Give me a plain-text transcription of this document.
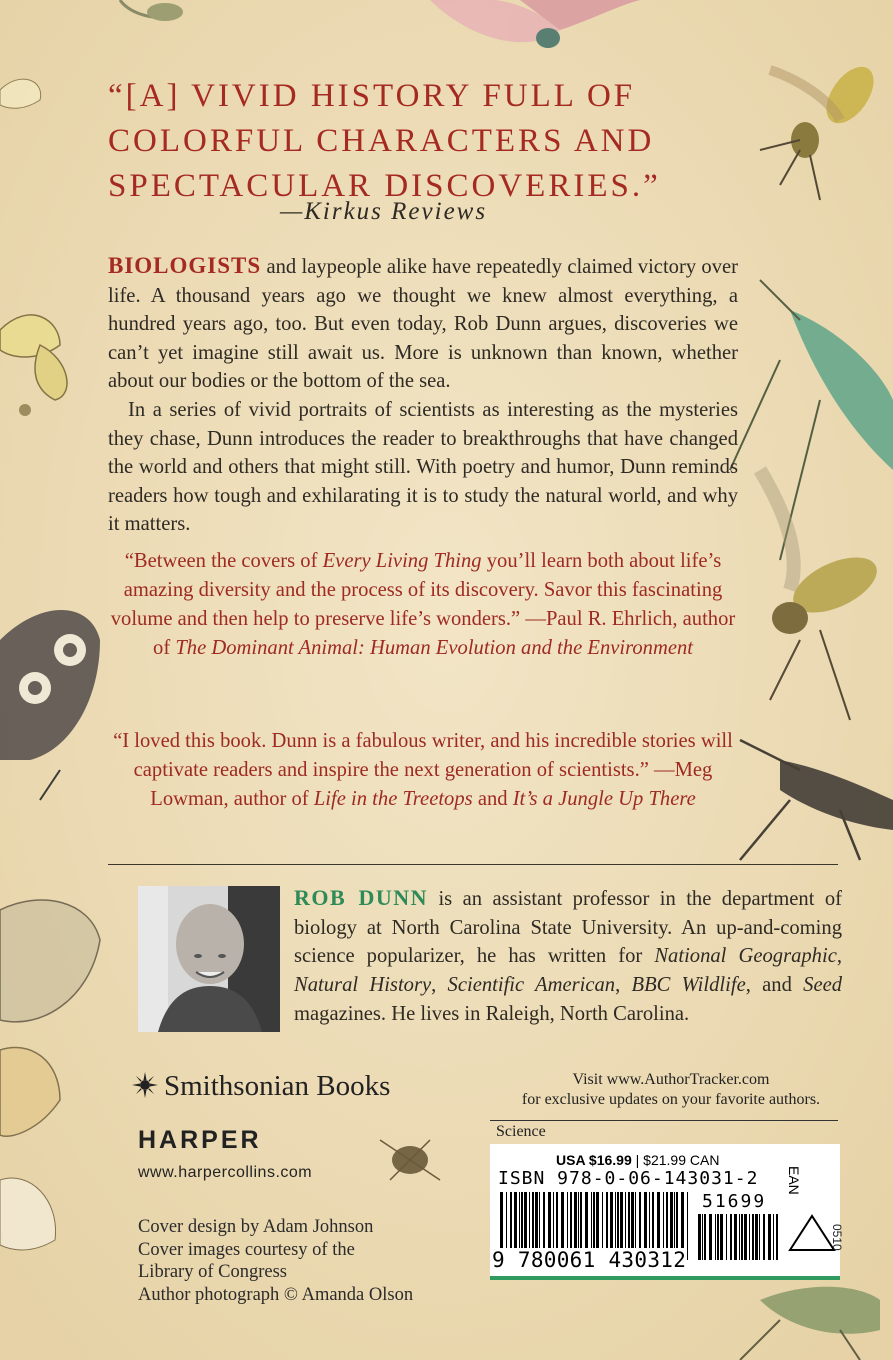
“[A] VIVID HISTORY FULL OF
COLORFUL CHARACTERS AND
SPECTACULAR DISCOVERIES.”
—Kirkus Reviews

BIOLOGISTS and laypeople alike have repeatedly claimed victory over life. A thousand years ago we thought we knew almost everything, a hundred years ago, too. But even today, Rob Dunn argues, discoveries we can’t yet imagine still await us. More is unknown than known, whether about our bodies or the bottom of the sea.

In a series of vivid portraits of scientists as interesting as the mysteries they chase, Dunn introduces the reader to breakthroughs that have changed the world and others that might still. With poetry and humor, Dunn reminds readers how tough and exhilarating it is to study the natural world, and why it matters.

“Between the covers of Every Living Thing you’ll learn both about life’s amazing diversity and the process of its discovery. Savor this fascinating volume and then help to preserve life’s wonders.” —Paul R. Ehrlich, author of The Dominant Animal: Human Evolution and the Environment

“I loved this book. Dunn is a fabulous writer, and his incredible stories will captivate readers and inspire the next generation of scientists.” —Meg Lowman, author of Life in the Treetops and It’s a Jungle Up There

ROB DUNN is an assistant professor in the department of biology at North Carolina State University. An up-and-coming science popularizer, he has written for National Geographic, Natural History, Scientific American, BBC Wildlife, and Seed magazines. He lives in Raleigh, North Carolina.

Smithsonian Books
HARPER
www.harpercollins.com

Cover design by Adam Johnson
Cover images courtesy of the
Library of Congress
Author photograph © Amanda Olson

Visit www.AuthorTracker.com
for exclusive updates on your favorite authors.
Science
USA $16.99 | $21.99 CAN
ISBN 978-0-06-143031-2
51699
EAN
9 780061 430312
0510
